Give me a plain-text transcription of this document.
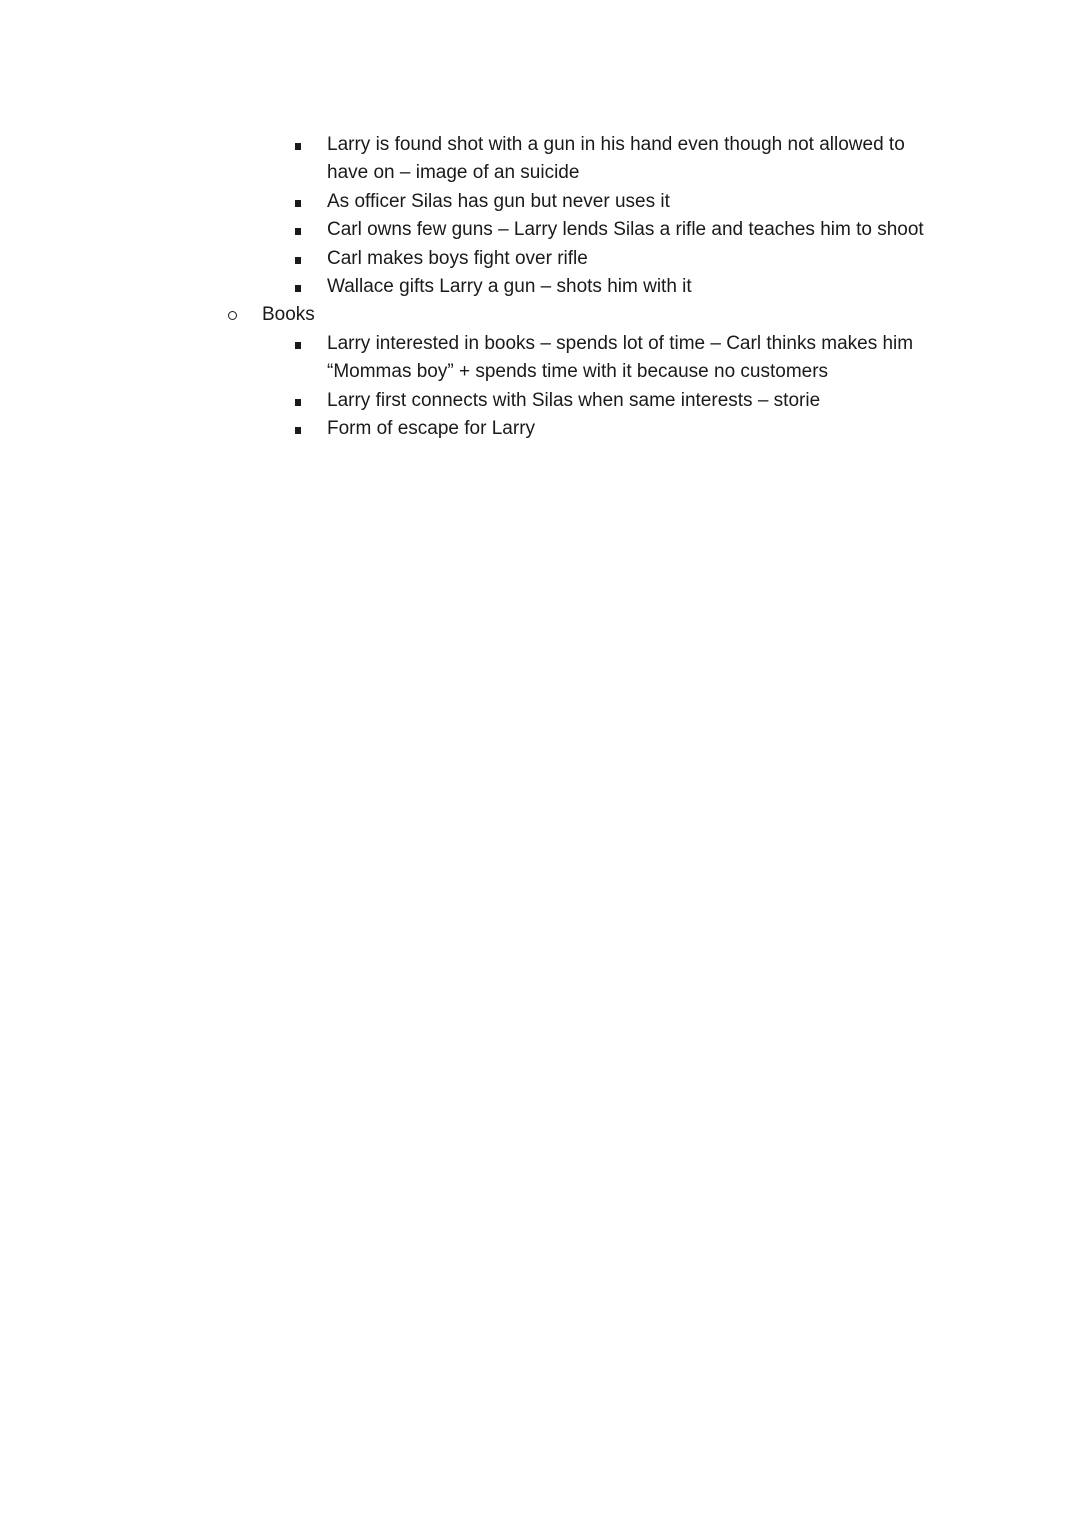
Larry is found shot with a gun in his hand even though not allowed to
have on – image of an suicide
As officer Silas has gun but never uses it
Carl owns few guns – Larry lends Silas a rifle and teaches him to shoot
Carl makes boys fight over rifle
Wallace gifts Larry a gun – shots him with it
Books
Larry interested in books – spends lot of time – Carl thinks makes him
“Mommas boy” + spends time with it because no customers
Larry first connects with Silas when same interests – storie
Form of escape for Larry
